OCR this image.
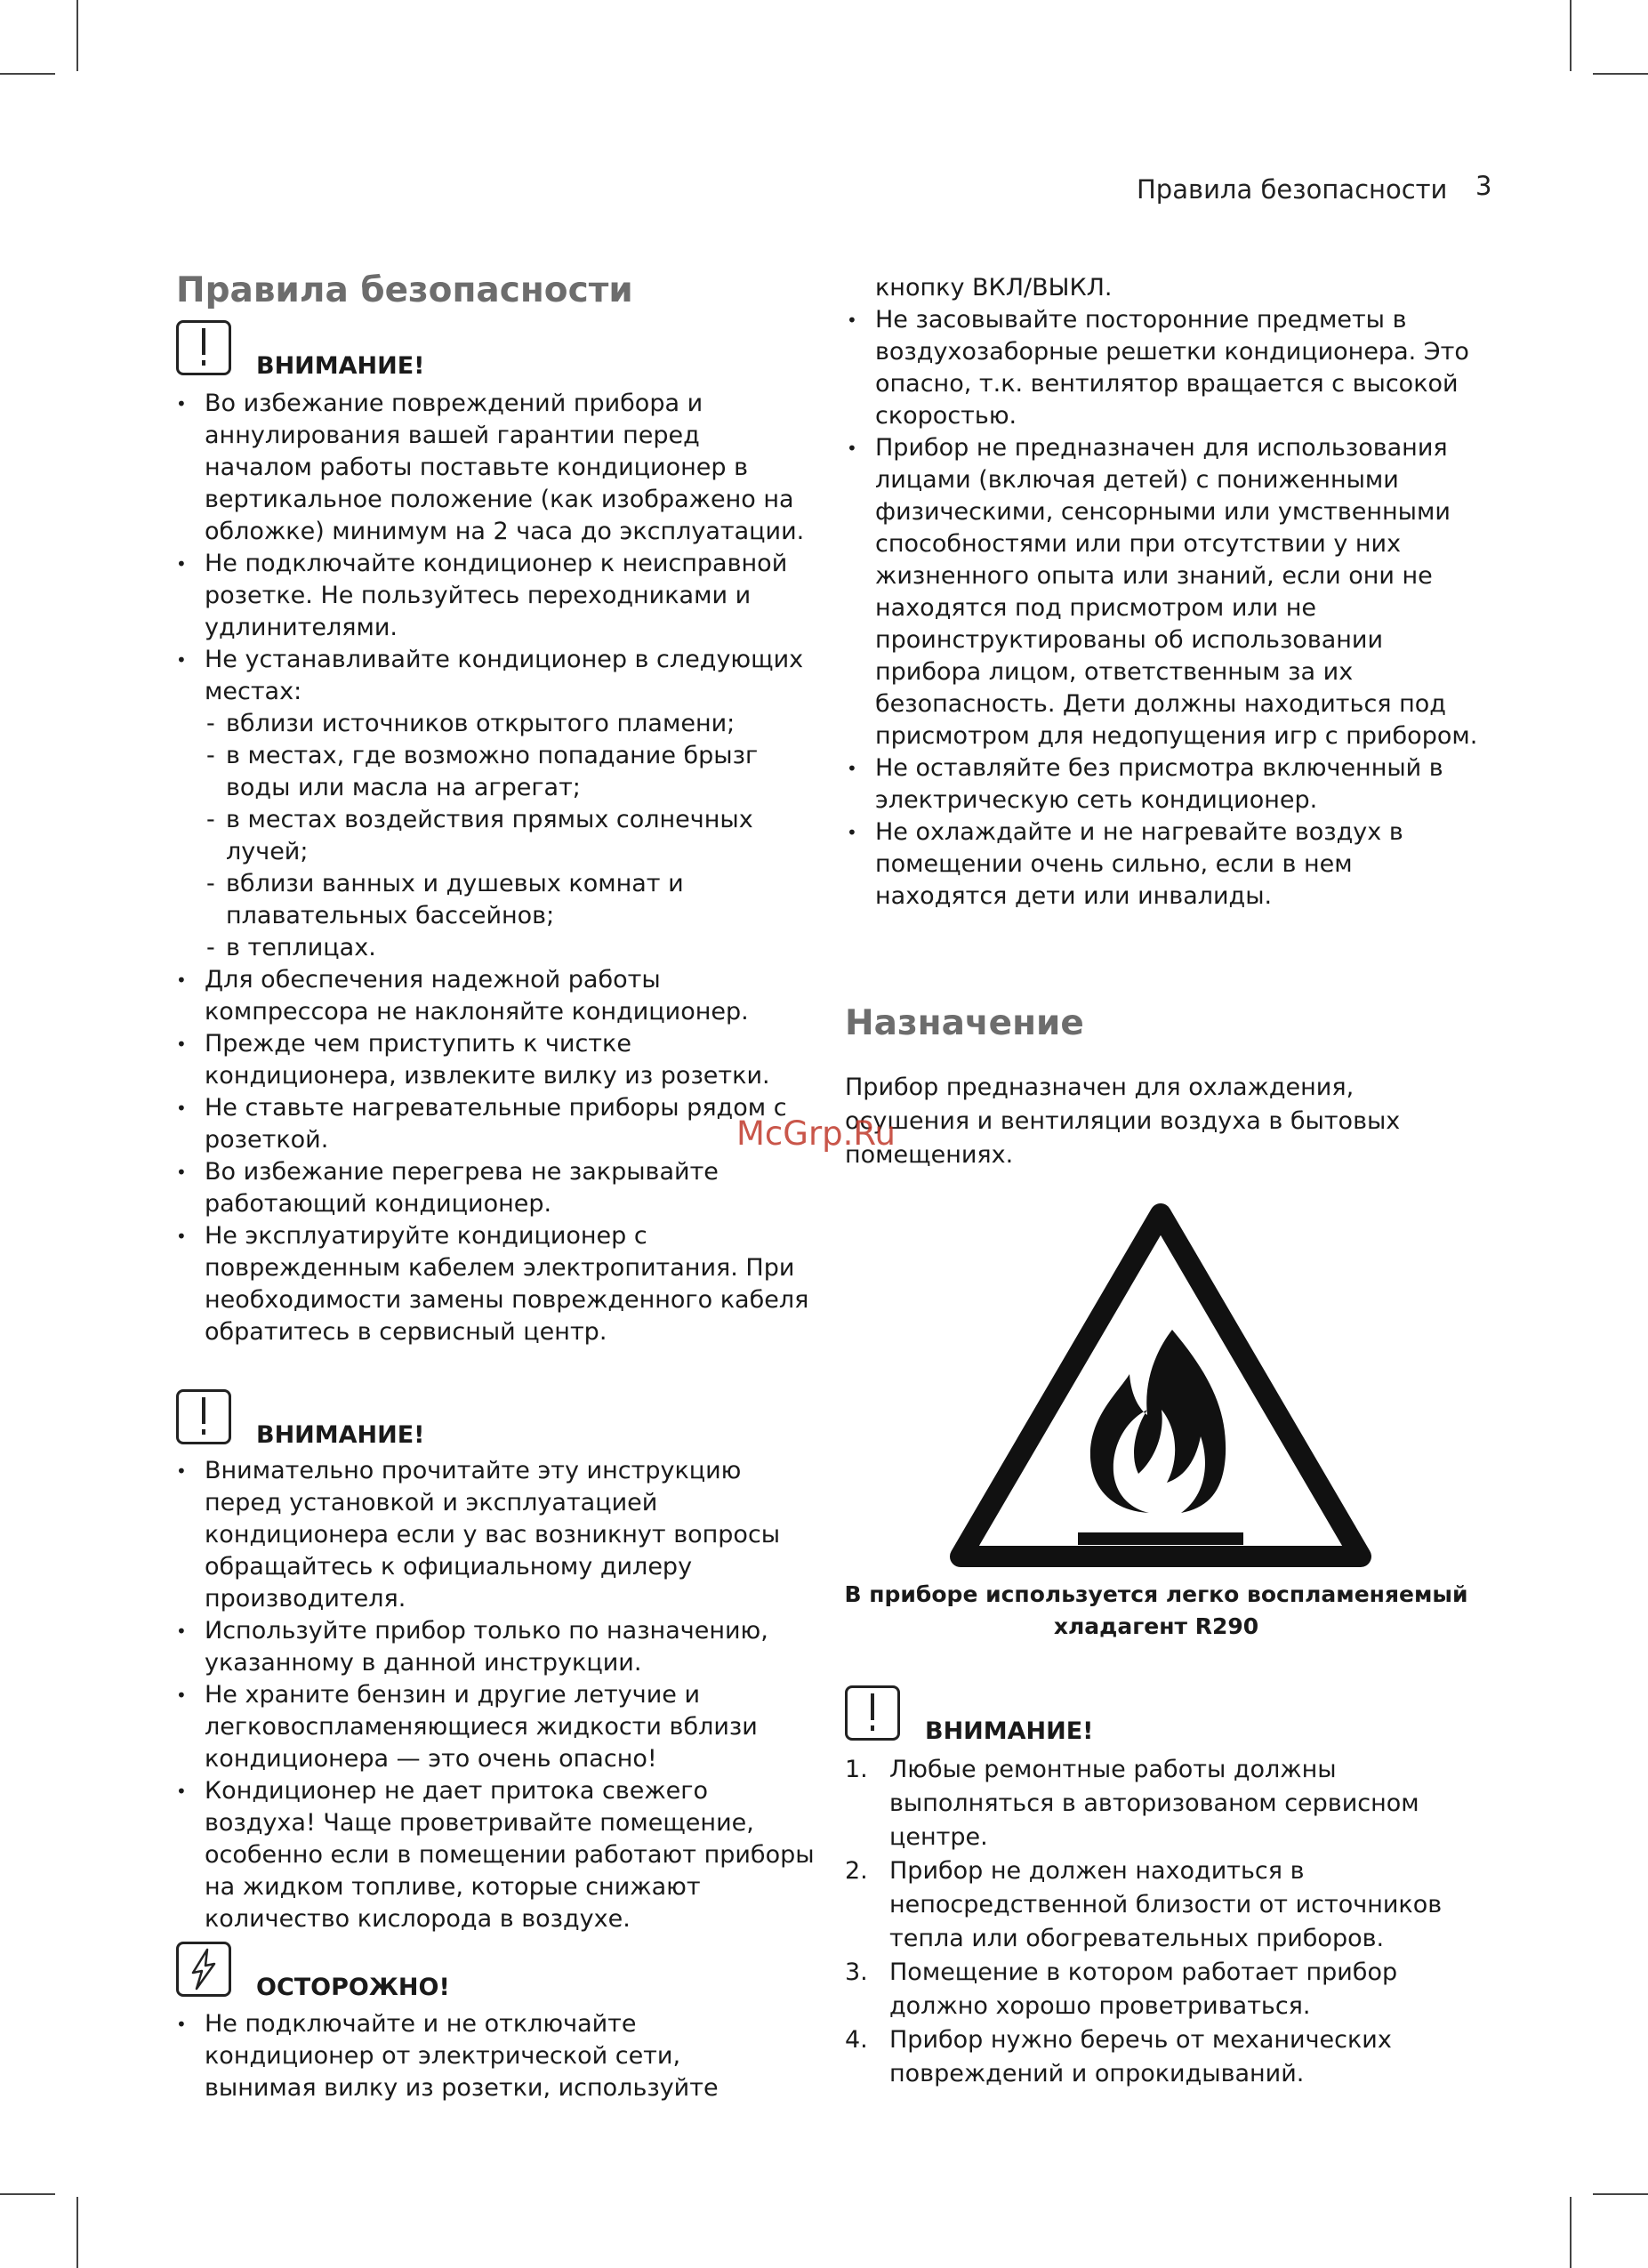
Правила безопасности 3
Правила безопасности
ВНИМАНИЕ!
• Во избежание повреждений прибора и аннулирования вашей гарантии перед началом работы поставьте кондиционер в вертикальное положение (как изображено на обложке) минимум на 2 часа до эксплуатации.
• Не подключайте кондиционер к неисправной розетке. Не пользуйтесь переходниками и удлинителями.
• Не устанавливайте кондиционер в следующих местах:
- вблизи источников открытого пламени;
- в местах, где возможно попадание брызг воды или масла на агрегат;
- в местах воздействия прямых солнечных лучей;
- вблизи ванных и душевых комнат и плавательных бассейнов;
- в теплицах.
• Для обеспечения надежной работы компрессора не наклоняйте кондиционер.
• Прежде чем приступить к чистке кондиционера, извлеките вилку из розетки.
• Не ставьте нагревательные приборы рядом с розеткой.
• Во избежание перегрева не закрывайте работающий кондиционер.
• Не эксплуатируйте кондиционер с поврежденным кабелем электропитания. При необходимости замены поврежденного кабеля обратитесь в сервисный центр.
ВНИМАНИЕ!
• Внимательно прочитайте эту инструкцию перед установкой и эксплуатацией кондиционера если у вас возникнут вопросы обращайтесь к официальному дилеру производителя.
• Используйте прибор только по назначению, указанному в данной инструкции.
• Не храните бензин и другие летучие и легковоспламеняющиеся жидкости вблизи кондиционера — это очень опасно!
• Кондиционер не дает притока свежего воздуха! Чаще проветривайте помещение, особенно если в помещении работают приборы на жидком топливе, которые снижают количество кислорода в воздухе.
ОСТОРОЖНО!
• Не подключайте и не отключайте кондиционер от электрической сети, вынимая вилку из розетки, используйте
кнопку ВКЛ/ВЫКЛ.
• Не засовывайте посторонние предметы в воздухозаборные решетки кондиционера. Это опасно, т.к. вентилятор вращается с высокой скоростью.
• Прибор не предназначен для использования лицами (включая детей) с пониженными физическими, сенсорными или умственными способностями или при отсутствии у них жизненного опыта или знаний, если они не находятся под присмотром или не проинструктированы об использовании прибора лицом, ответственным за их безопасность. Дети должны находиться под присмотром для недопущения игр с прибором.
• Не оставляйте без присмотра включенный в электрическую сеть кондиционер.
• Не охлаждайте и не нагревайте воздух в помещении очень сильно, если в нем находятся дети или инвалиды.
Назначение
Прибор предназначен для охлаждения, осушения и вентиляции воздуха в бытовых помещениях.
В приборе используется легко воспламеняемый хладагент R290
ВНИМАНИЕ!
1. Любые ремонтные работы должны выполняться в авторизованом сервисном центре.
2. Прибор не должен находиться в непосредственной близости от источников тепла или обогревательных приборов.
3. Помещение в котором работает прибор должно хорошо проветриваться.
4. Прибор нужно беречь от механических повреждений и опрокидываний.
McGrp.Ru
